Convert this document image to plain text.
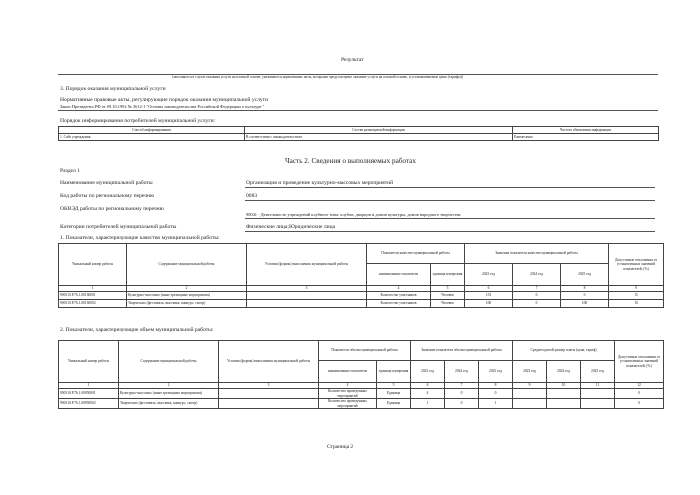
Результат
(заполняется в случае оказания услуги на платной основе, указываются нормативные акты, которыми предусмотрено оказание услуги на платной основе, и устанавливаемые цены (тарифы))
3. Порядок оказания муниципальной услуги
Нормативные правовые акты, регулирующие порядок оказания муниципальной услуги
Закон Президента РФ от 09.10.1992 № 3612-1 "Основы законодательства Российской Федерации о культуре "
Порядок информирования потребителей муниципальной услуги:
Способ информирования	Состав размещаемой информации	Частота обновления информации
1. Сайт учреждения	В соответствии с законодательством	Ежемесячно
Часть 2. Сведения о выполняемых работах
Раздел 1
Наименование муниципальной работы	Организация и проведение культурно-массовых мероприятий
Код работы по региональному перечню	0083
ОКВЭД работы по региональному перечню
90041 - Деятельность учреждений клубного типа: клубов, дворцов и домов культуры, домов народного творчества
Категории потребителей муниципальной работы	Физические лица;Юридические лица
1. Показатели, характеризующие качество муниципальной работы:
Уникальный номер работы	Содержание муниципальной работы	Условия (формы) выполнения муниципальной работы	Показатели качества муниципальной работы		Значение показателя качества муниципальной работы			Допустимые отклонения от установленных значений показателей, (%)
			наименование показателя	единица измерения	2023 год	2024 год	2025 год	
1	2	3	4	5	6	7	8	9
900310.Р.76.1.00160001	Культурно-массовых (иные зрелищные мероприятия)		Количество участников	Человек	153	0	0	15
900310.Р.76.1.00160002	Творческих (фестиваль, выставка, конкурс, смотр)		Количество участников	Человек	100	0	100	10
2. Показатели, характеризующие объем муниципальной работы:
Уникальный номер работы	Содержание муниципальной работы	Условия (формы) выполнения муниципальной работы	Показатели объема муниципальной работы		Значение показателя объема муниципальной работы			Среднегодовой размер платы (цена, тариф)			Допустимые отклонения от установленных значений показателей, (%)
			наименование показателя	единица измерения	2023 год	2024 год	2025 год	2023 год	2024 год	2025 год	
1	2	3	4	5	6	7	8	9	10	11	12
900310.Р.76.1.00850001	Культурно-массовых (иные зрелищные мероприятия)		Количество проведенных мероприятий	Единица	4	0	0				0
900310.Р.76.1.00850002	Творческих (фестиваль, выставка, конкурс, смотр)		Количество проведенных мероприятий	Единица	1	0	1				0
Страница 2
